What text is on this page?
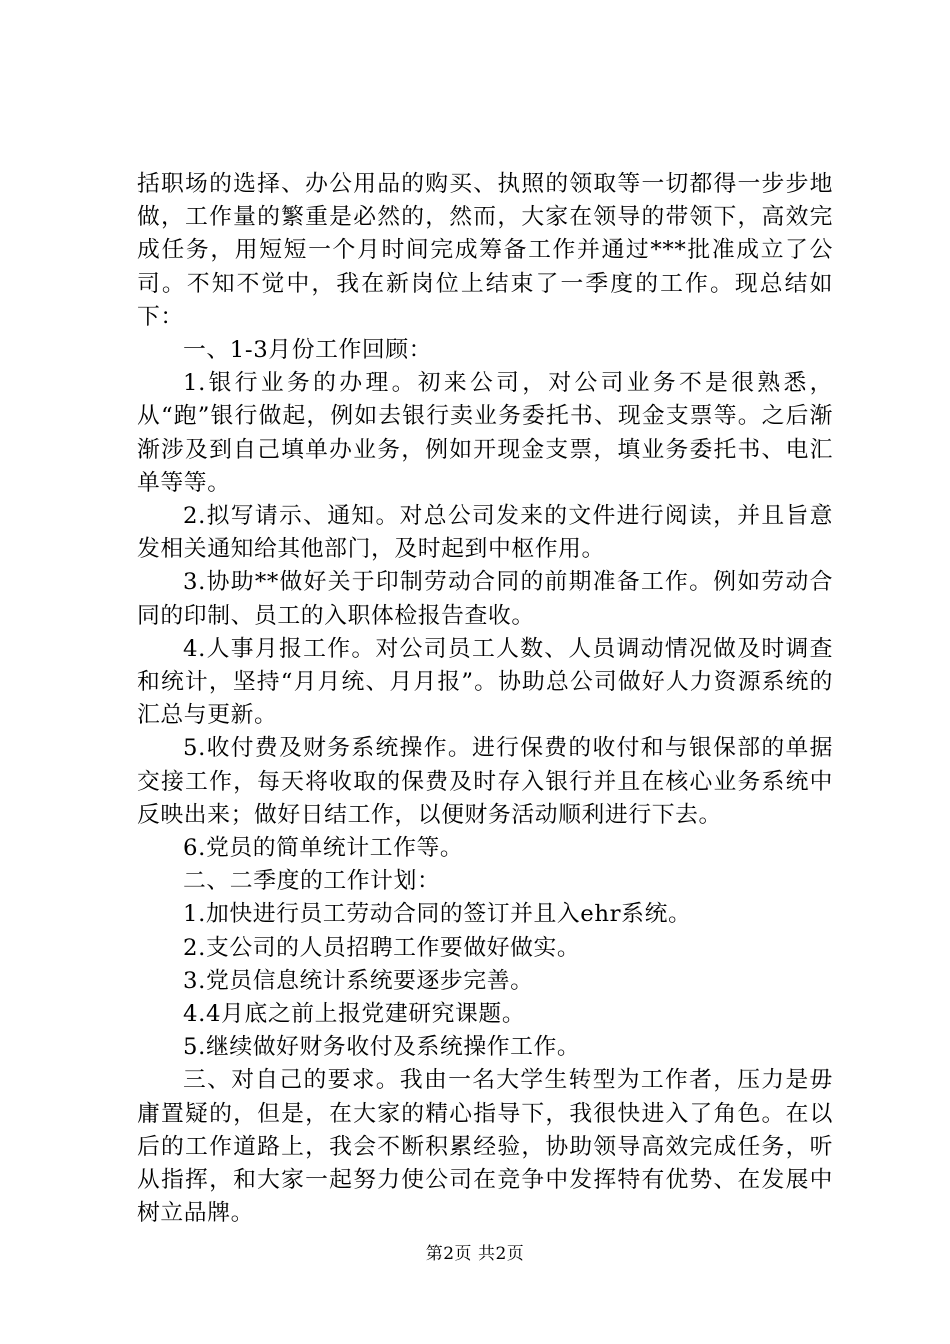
括职场的选择、办公用品的购买、执照的领取等一切都得一步步地做，工作量的繁重是必然的，然而，大家在领导的带领下，高效完成任务，用短短一个月时间完成筹备工作并通过***批准成立了公司。不知不觉中，我在新岗位上结束了一季度的工作。现总结如下：

一、1-3月份工作回顾：

1.银行业务的办理。初来公司，对公司业务不是很熟悉，从“跑”银行做起，例如去银行卖业务委托书、现金支票等。之后渐渐涉及到自己填单办业务，例如开现金支票，填业务委托书、电汇单等等。

2.拟写请示、通知。对总公司发来的文件进行阅读，并且旨意发相关通知给其他部门，及时起到中枢作用。

3.协助**做好关于印制劳动合同的前期准备工作。例如劳动合同的印制、员工的入职体检报告查收。

4.人事月报工作。对公司员工人数、人员调动情况做及时调查和统计，坚持“月月统、月月报”。协助总公司做好人力资源系统的汇总与更新。

5.收付费及财务系统操作。进行保费的收付和与银保部的单据交接工作，每天将收取的保费及时存入银行并且在核心业务系统中反映出来；做好日结工作，以便财务活动顺利进行下去。

6.党员的简单统计工作等。

二、二季度的工作计划：

1.加快进行员工劳动合同的签订并且入ehr系统。

2.支公司的人员招聘工作要做好做实。

3.党员信息统计系统要逐步完善。

4.4月底之前上报党建研究课题。

5.继续做好财务收付及系统操作工作。

三、对自己的要求。我由一名大学生转型为工作者，压力是毋庸置疑的，但是，在大家的精心指导下，我很快进入了角色。在以后的工作道路上，我会不断积累经验，协助领导高效完成任务，听从指挥，和大家一起努力使公司在竞争中发挥特有优势、在发展中树立品牌。

第2页 共2页
